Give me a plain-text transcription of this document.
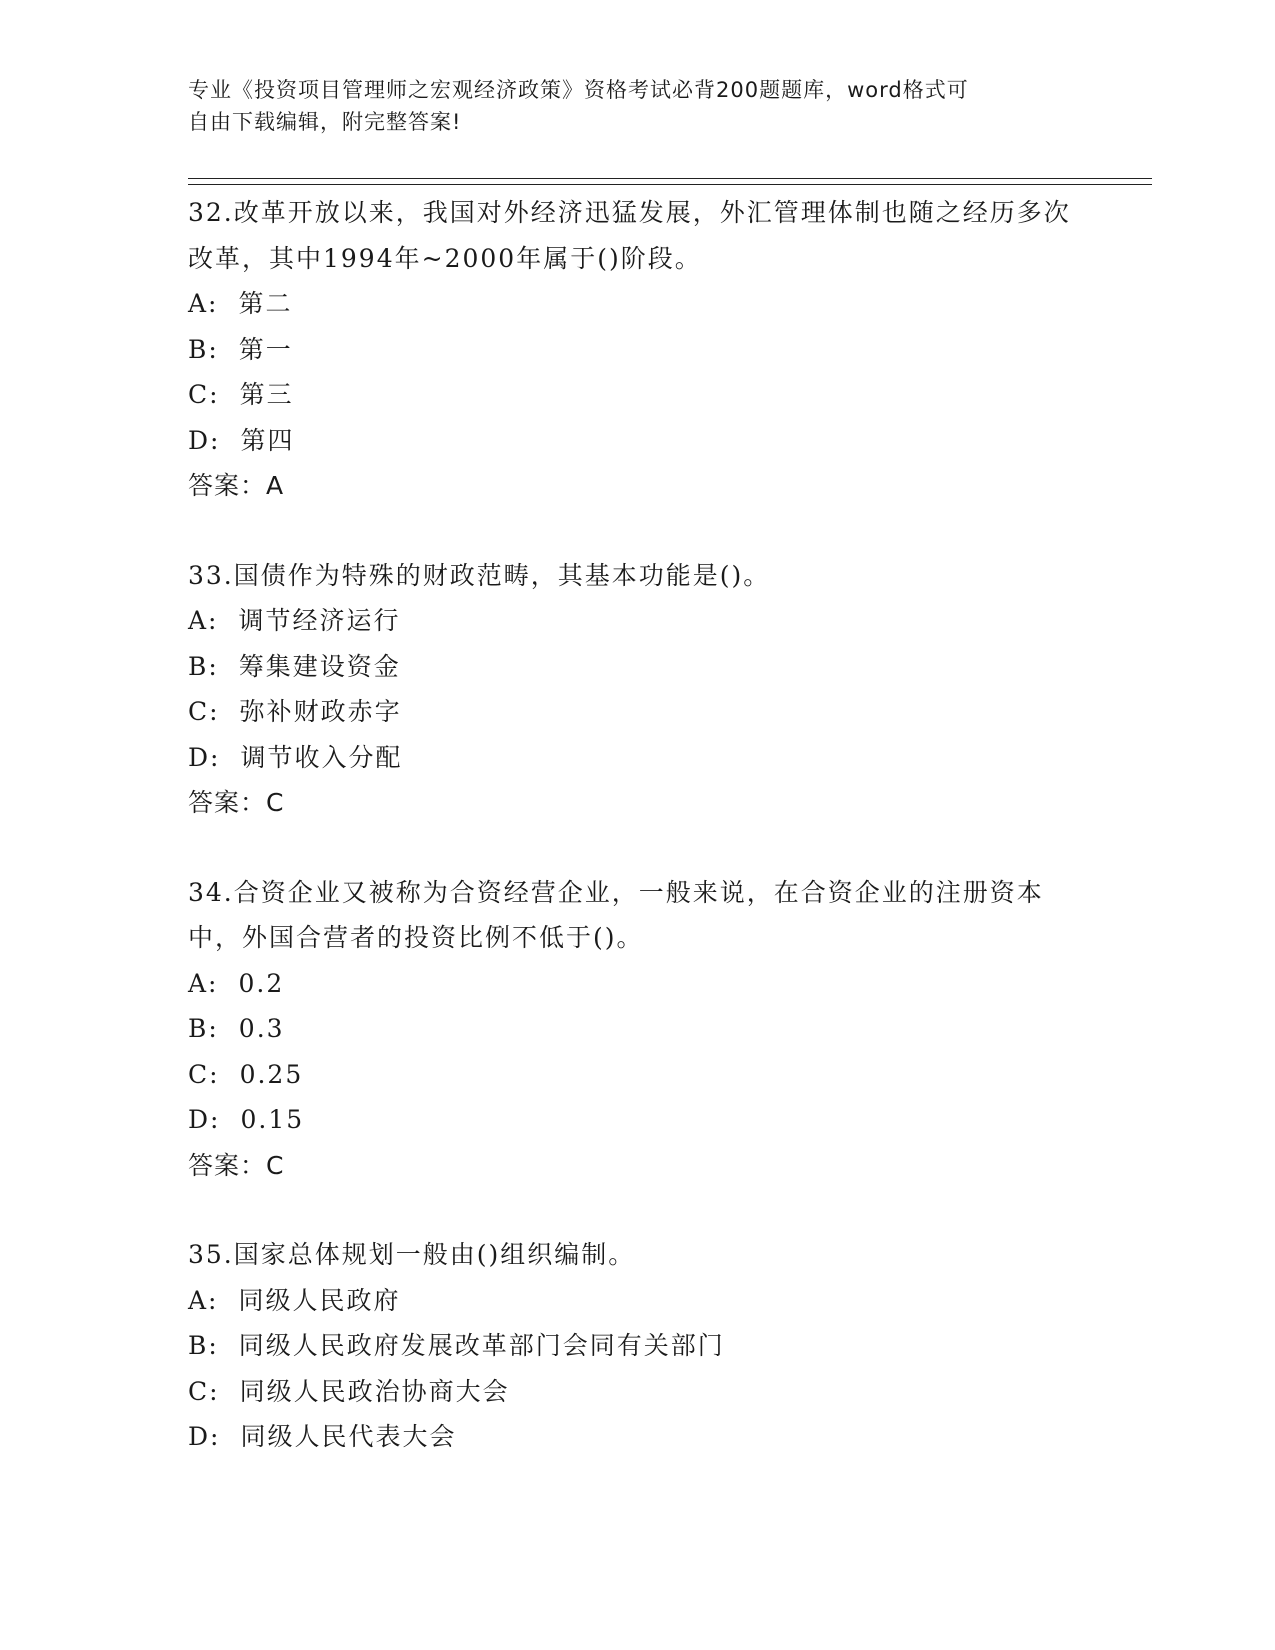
专业《投资项目管理师之宏观经济政策》资格考试必背200题题库，word格式可
自由下载编辑，附完整答案!

32.改革开放以来，我国对外经济迅猛发展，外汇管理体制也随之经历多次改革，其中1994年~2000年属于()阶段。

A: 第二

B: 第一

C: 第三

D: 第四

答案：A

33.国债作为特殊的财政范畴，其基本功能是()。

A: 调节经济运行

B: 筹集建设资金

C: 弥补财政赤字

D: 调节收入分配

答案：C

34.合资企业又被称为合资经营企业，一般来说，在合资企业的注册资本中，外国合营者的投资比例不低于()。

A: 0.2

B: 0.3

C: 0.25

D: 0.15

答案：C

35.国家总体规划一般由()组织编制。

A: 同级人民政府

B: 同级人民政府发展改革部门会同有关部门

C: 同级人民政治协商大会

D: 同级人民代表大会
